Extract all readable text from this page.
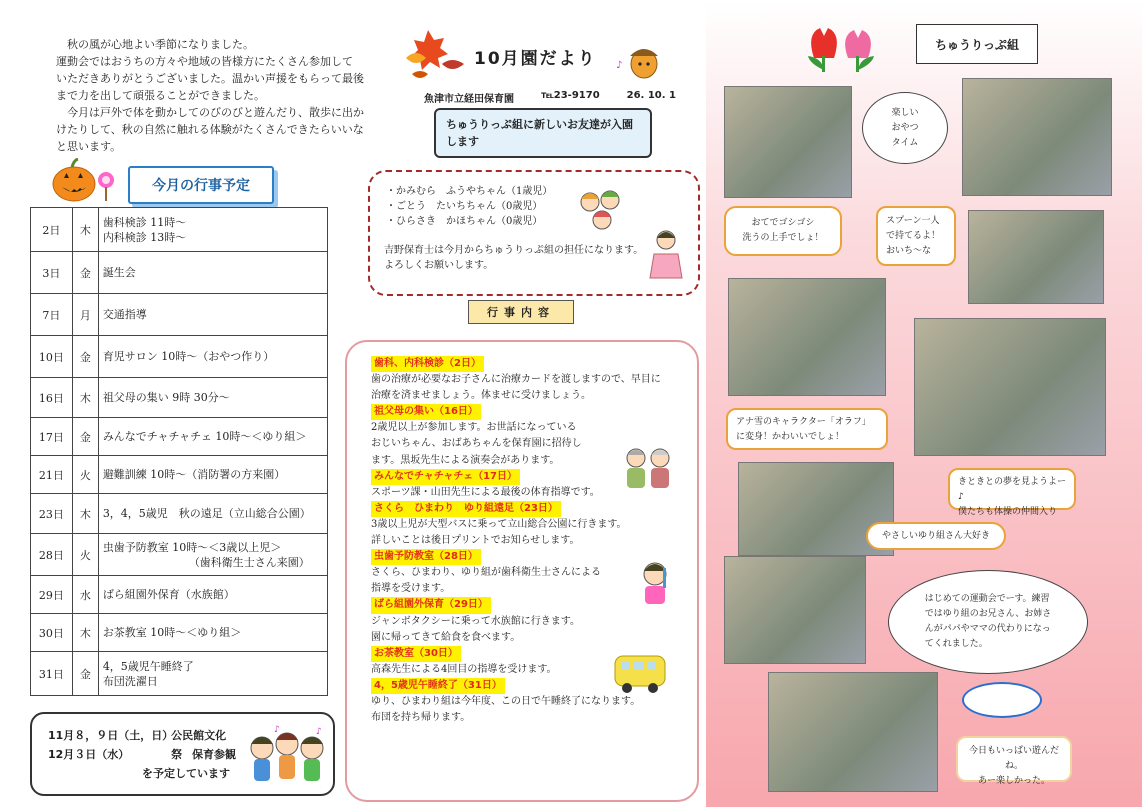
　秋の風が心地よい季節になりました。

運動会ではおうちの方々や地域の皆様方にたくさん参加して

いただきありがとうございました。温かい声援をもらって最後

まで力を出して頑張ることができました。

　今月は戸外で体を動かしてのびのびと遊んだり、散歩に出か

けたりして、秋の自然に触れる体験がたくさんできたらいいな

と思います。

今月の行事予定
2日	木	歯科検診 11時～
内科検診 13時～

3日	金	誕生会

7日	月	交通指導

10日	金	育児サロン 10時～（おやつ作り）

16日	木	祖父母の集い 9時 30分～

17日	金	みんなでチャチャチェ 10時～＜ゆり組＞

21日	火	避難訓練 10時～（消防署の方来園）

23日	木	3，4，5歳児　秋の遠足（立山総合公園）

28日	火	虫歯予防教室 10時～＜3歳以上児＞
（歯科衛生士さん来園）

29日	水	ばら組園外保育（水族館）

30日	木	お茶教室 10時～＜ゆり組＞

31日	金	4，5歳児午睡終了
布団洗濯日
11月８，９日（土，日）
公民館文化祭
12月３日（水）	保育参観
を予定しています
♪	♪
10月園だより ♪
魚津市立経田保育園	℡23-9170	26. 10. 1
ちゅうりっぷ組に新しいお友達が入園
します
・かみむら　ふうやちゃん（1歳児）
・ごとう　たいちちゃん（0歳児）
・ひらさき　かほちゃん（0歳児）
吉野保育士は今月からちゅうりっぷ組の担任になります。
よろしくお願いします。
行事内容
歯科、内科検診（2日）
歯の治療が必要なお子さんに治療カードを渡しますので、早目に
治療を済ませましょう。体ませに受けましょう。
祖父母の集い（16日）
2歳児以上が参加します。お世話になっている
おじいちゃん、おばあちゃんを保育園に招待し
ます。黒坂先生による演奏会があります。
みんなでチャチャチェ（17日）
スポーツ課・山田先生による最後の体育指導です。
さくら　ひまわり　ゆり組遠足（23日）
3歳以上児が大型バスに乗って立山総合公園に行きます。
詳しいことは後日プリントでお知らせします。
虫歯予防教室（28日）
さくら、ひまわり、ゆり組が歯科衛生士さんによる
指導を受けます。
ばら組園外保育（29日）
ジャンボタクシーに乗って水族館に行きます。
園に帰ってきて給食を食べます。
お茶教室（30日）
高森先生による4回目の指導を受けます。
4，5歳児午睡終了（31日）
ゆり、ひまわり組は今年度、この日で午睡終了になります。
布団を持ち帰ります。
ちゅうりっぷ組
楽しい
おやつ
タイム
おてでゴシゴシ
洗うの上手でしょ！
スプーン一人
で持てるよ！
おいち～な
アナ雪のキャラクター「オラフ」
に変身！かわいいでしょ！
きときとの夢を見ようよー♪
僕たちも体操の仲間入り
やさしいゆり組さん大好き
はじめての運動会でーす。練習
ではゆり組のお兄さん、お姉さ
んがパパやママの代わりになっ
てくれました。
今日もいっぱい遊んだね。
あー楽しかった。
